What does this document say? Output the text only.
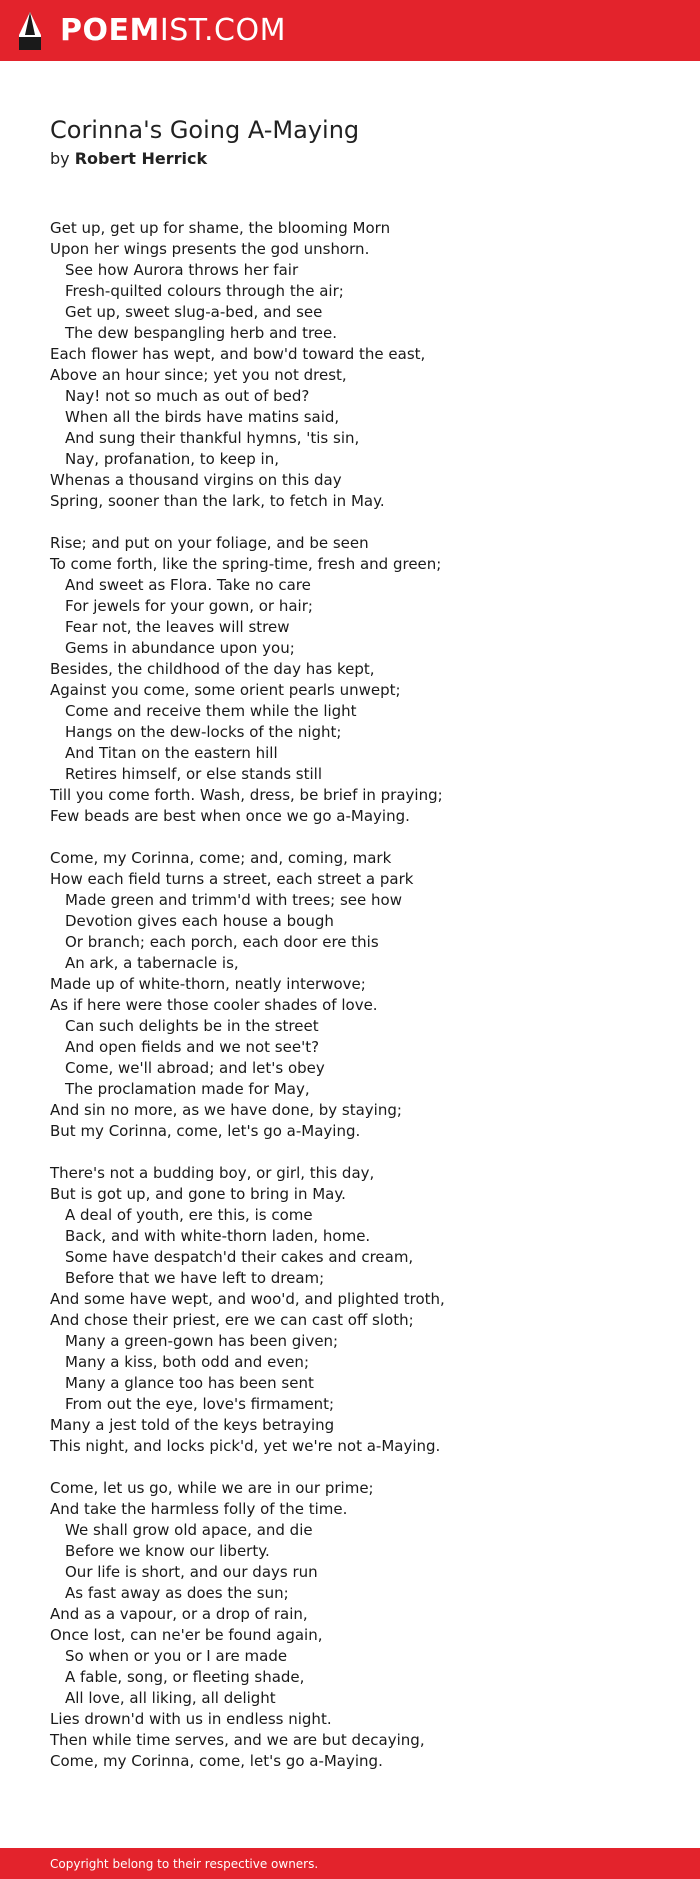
POEMIST.COM
Corinna's Going A-Maying

by Robert Herrick

Get up, get up for shame, the blooming Morn
Upon her wings presents the god unshorn.
See how Aurora throws her fair
Fresh-quilted colours through the air;
Get up, sweet slug-a-bed, and see
The dew bespangling herb and tree.
Each flower has wept, and bow'd toward the east,
Above an hour since; yet you not drest,
Nay! not so much as out of bed?
When all the birds have matins said,
And sung their thankful hymns, 'tis sin,
Nay, profanation, to keep in,
Whenas a thousand virgins on this day
Spring, sooner than the lark, to fetch in May.
Rise; and put on your foliage, and be seen
To come forth, like the spring-time, fresh and green;
And sweet as Flora. Take no care
For jewels for your gown, or hair;
Fear not, the leaves will strew
Gems in abundance upon you;
Besides, the childhood of the day has kept,
Against you come, some orient pearls unwept;
Come and receive them while the light
Hangs on the dew-locks of the night;
And Titan on the eastern hill
Retires himself, or else stands still
Till you come forth. Wash, dress, be brief in praying;
Few beads are best when once we go a-Maying.
Come, my Corinna, come; and, coming, mark
How each field turns a street, each street a park
Made green and trimm'd with trees; see how
Devotion gives each house a bough
Or branch; each porch, each door ere this
An ark, a tabernacle is,
Made up of white-thorn, neatly interwove;
As if here were those cooler shades of love.
Can such delights be in the street
And open fields and we not see't?
Come, we'll abroad; and let's obey
The proclamation made for May,
And sin no more, as we have done, by staying;
But my Corinna, come, let's go a-Maying.
There's not a budding boy, or girl, this day,
But is got up, and gone to bring in May.
A deal of youth, ere this, is come
Back, and with white-thorn laden, home.
Some have despatch'd their cakes and cream,
Before that we have left to dream;
And some have wept, and woo'd, and plighted troth,
And chose their priest, ere we can cast off sloth;
Many a green-gown has been given;
Many a kiss, both odd and even;
Many a glance too has been sent
From out the eye, love's firmament;
Many a jest told of the keys betraying
This night, and locks pick'd, yet we're not a-Maying.
Come, let us go, while we are in our prime;
And take the harmless folly of the time.
We shall grow old apace, and die
Before we know our liberty.
Our life is short, and our days run
As fast away as does the sun;
And as a vapour, or a drop of rain,
Once lost, can ne'er be found again,
So when or you or I are made
A fable, song, or fleeting shade,
All love, all liking, all delight
Lies drown'd with us in endless night.
Then while time serves, and we are but decaying,
Come, my Corinna, come, let's go a-Maying.
Copyright belong to their respective owners.
